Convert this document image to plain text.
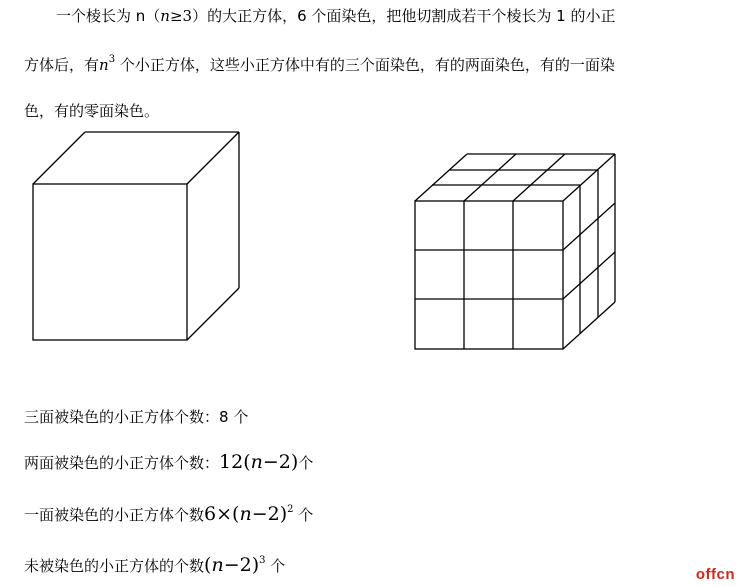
一个棱长为 n（n≥3）的大正方体，6 个面染色，把他切割成若干个棱长为 1 的小正
方体后，有$n^3$ 个小正方体，这些小正方体中有的三个面染色，有的两面染色，有的一面染
色，有的零面染色。
三面被染色的小正方体个数：8 个
两面被染色的小正方体个数：12(n−2)个
一面被染色的小正方体个数$6\times(n-2)^2$ 个
未被染色的小正方体的个数$(n-2)^3$ 个	offcn
